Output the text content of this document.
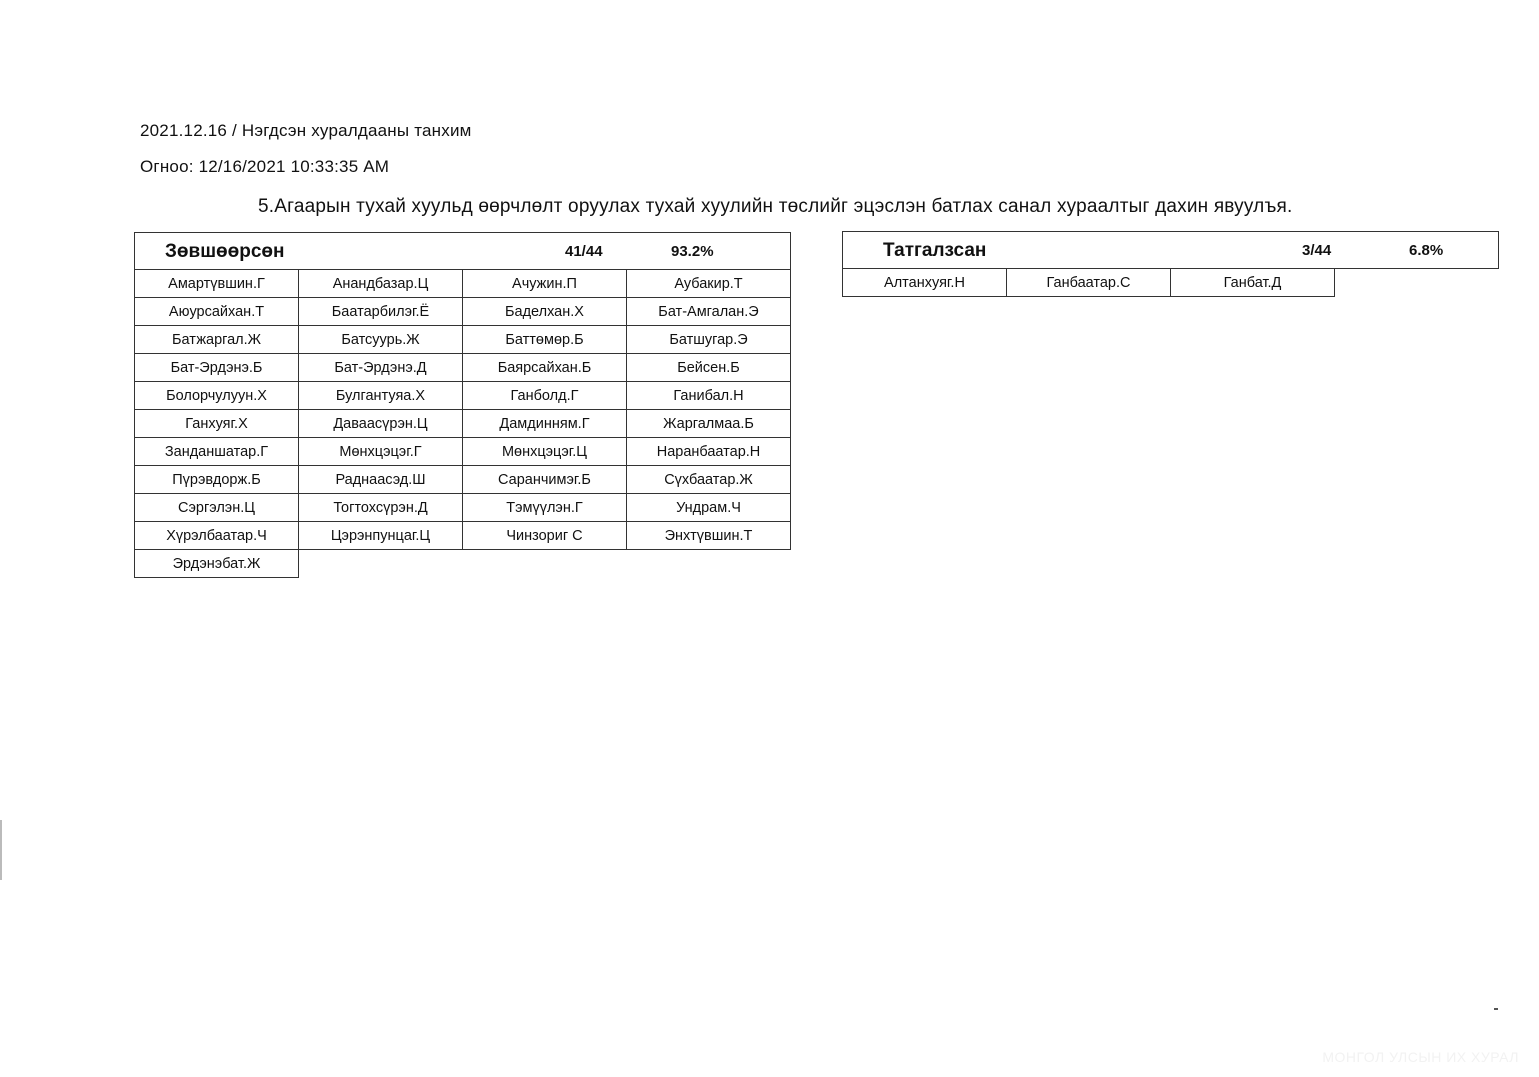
2021.12.16 / Нэгдсэн хуралдааны танхим
Огноо: 12/16/2021 10:33:35 AM
5.Агаарын тухай хуульд өөрчлөлт оруулах тухай хуулийн төслийг эцэслэн батлах санал хураалтыг дахин явуулъя.
Зөвшөөрсөн 41/44 93.2%			

Амартүвшин.Г	Анандбазар.Ц	Ачужин.П	Аубакир.Т
Аюурсайхан.Т	Баатарбилэг.Ё	Баделхан.Х	Бат-Амгалан.Э
Батжаргал.Ж	Батсуурь.Ж	Баттөмөр.Б	Батшугар.Э
Бат-Эрдэнэ.Б	Бат-Эрдэнэ.Д	Баярсайхан.Б	Бейсен.Б
Болорчулуун.Х	Булгантуяа.Х	Ганболд.Г	Ганибал.Н
Ганхуяг.Х	Даваасүрэн.Ц	Дамдинням.Г	Жаргалмаа.Б
Занданшатар.Г	Мөнхцэцэг.Г	Мөнхцэцэг.Ц	Наранбаатар.Н
Пүрэвдорж.Б	Раднаасэд.Ш	Саранчимэг.Б	Сүхбаатар.Ж
Сэргэлэн.Ц	Тогтохсүрэн.Д	Тэмүүлэн.Г	Ундрам.Ч
Хүрэлбаатар.Ч	Цэрэнпунцаг.Ц	Чинзориг С	Энхтүвшин.Т
Эрдэнэбат.Ж			
Татгалзсан	3/44	6.8%

Алтанхуяг.Н	Ганбаатар.С	Ганбат.Д	
МОНГОЛ УЛСЫН ИХ ХУРАЛ
